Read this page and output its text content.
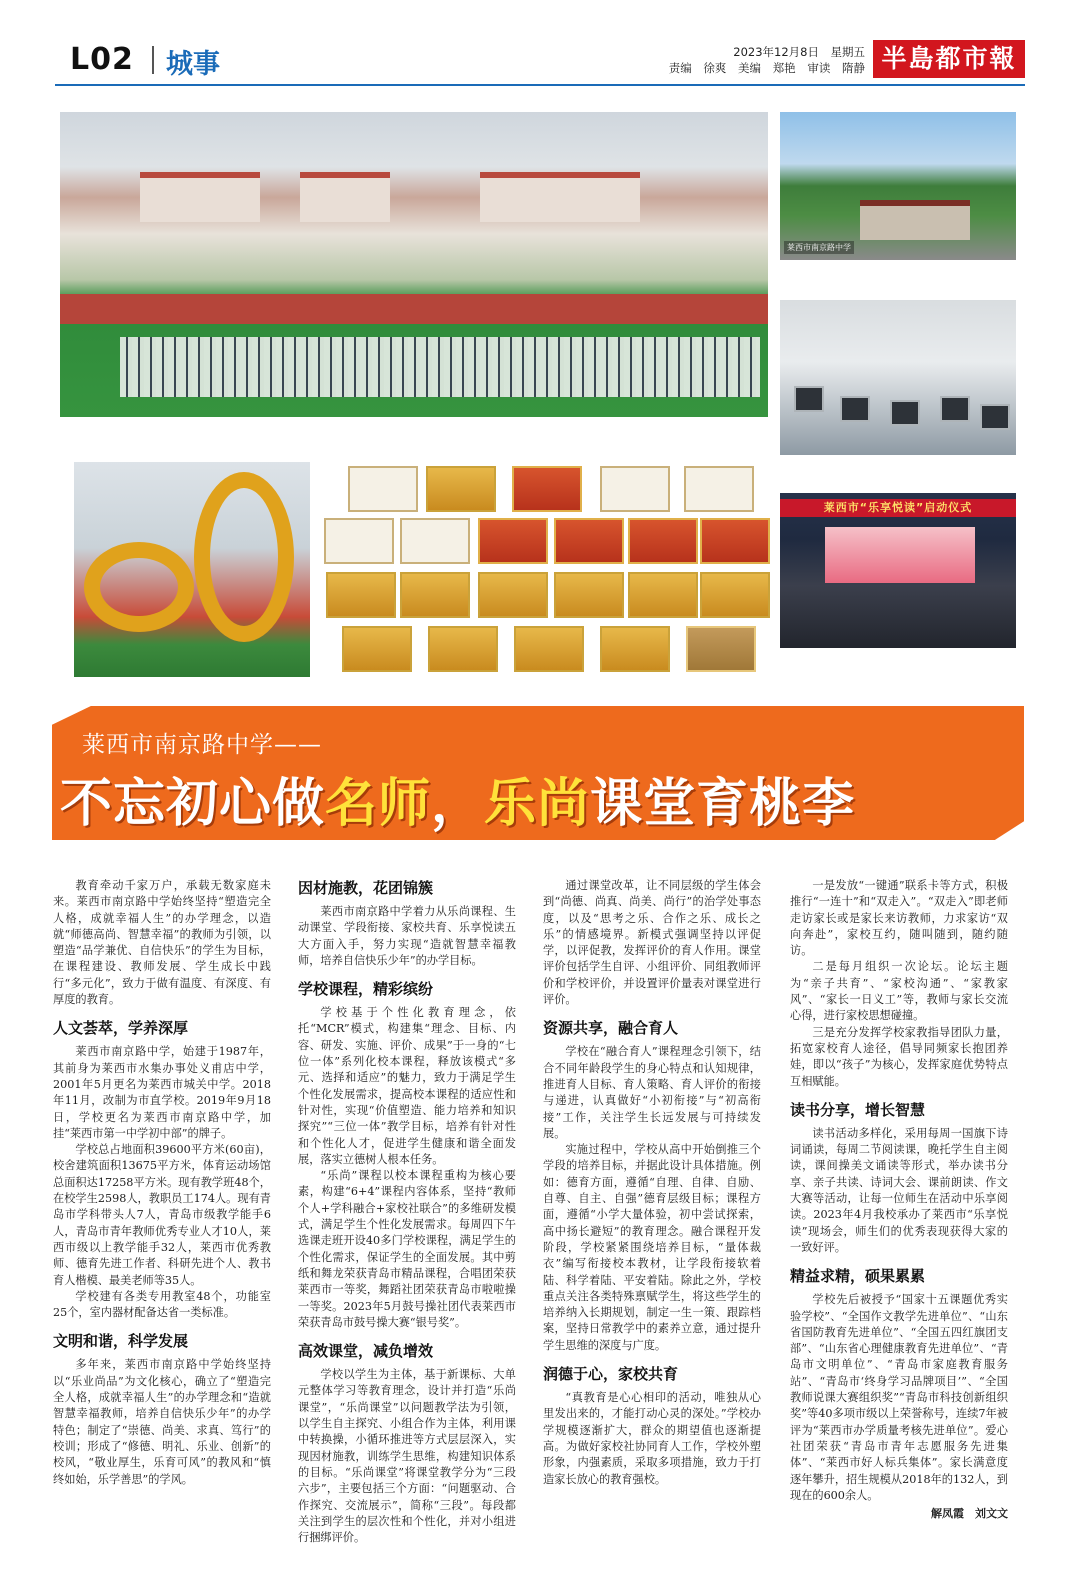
L02 城事	2023年12月8日　 星期五
责编 徐爽 美编 郑艳 审读 隋静 半島都市報
莱西市南京路中学
莱西市“乐享悦读”启动仪式
莱西市南京路中学——
不忘初心做名师，乐尚课堂育桃李

教育牵动千家万户，承载无数家庭未来。莱西市南京路中学始终坚持“塑造完全人格，成就幸福人生”的办学理念，以造就“师德高尚、智慧幸福”的教师为引领，以塑造“品学兼优、自信快乐”的学生为目标，在课程建设、教师发展、学生成长中践行“多元化”，致力于做有温度、有深度、有厚度的教育。

人文荟萃，学养深厚

莱西市南京路中学，始建于1987年，其前身为莱西市水集办事处义甫店中学，2001年5月更名为莱西市城关中学。2018年11月，改制为市直学校。2019年9月18日，学校更名为莱西市南京路中学，加挂“莱西市第一中学初中部”的牌子。

学校总占地面积39600平方米(60亩)，校舍建筑面积13675平方米，体育运动场馆总面积达17258平方米。现有教学班48个，在校学生2598人，教职员工174人。现有青岛市学科带头人7人，青岛市级教学能手6人，青岛市青年教师优秀专业人才10人，莱西市级以上教学能手32人，莱西市优秀教师、德育先进工作者、科研先进个人、教书育人楷模、最美老师等35人。

学校建有各类专用教室48个，功能室25个，室内器材配备达省一类标准。

文明和谐，科学发展

多年来，莱西市南京路中学始终坚持以“乐业尚品”为文化核心，确立了“塑造完全人格，成就幸福人生”的办学理念和“造就智慧幸福教师，培养自信快乐少年”的办学特色；制定了“崇德、尚美、求真、笃行”的校训；形成了“修德、明礼、乐业、创新”的校风，“敬业厚生，乐育可风”的教风和“慎终如始，乐学善思”的学风。

因材施教，花团锦簇

莱西市南京路中学着力从乐尚课程、生动课堂、学段衔接、家校共育、乐享悦读五大方面入手，努力实现“造就智慧幸福教师，培养自信快乐少年”的办学目标。

学校课程，精彩缤纷

学校基于个性化教育理念，依托“MCR”模式，构建集“理念、目标、内容、研发、实施、评价、成果”于一身的“七位一体”系列化校本课程，释放该模式“多元、选择和适应”的魅力，致力于满足学生个性化发展需求，提高校本课程的适应性和针对性，实现“价值塑造、能力培养和知识探究”“三位一体”教学目标，培养有针对性和个性化人才，促进学生健康和谐全面发展，落实立德树人根本任务。

“乐尚”课程以校本课程重构为核心要素，构建“6+4”课程内容体系，坚持“教师个人+学科融合+家校社联合”的多维研发模式，满足学生个性化发展需求。每周四下午选课走班开设40多门学校课程，满足学生的个性化需求，保证学生的全面发展。其中剪纸和舞龙荣获青岛市精品课程，合唱团荣获莱西市一等奖，舞蹈社团荣获青岛市啦啦操一等奖。2023年5月鼓号操社团代表莱西市荣获青岛市鼓号操大赛“银号奖”。

高效课堂，减负增效

学校以学生为主体，基于新课标、大单元整体学习等教育理念，设计并打造“乐尚课堂”，“乐尚课堂”以问题教学法为引领，以学生自主探究、小组合作为主体，利用课中转换操，小循环推进等方式层层深入，实现因材施教，训练学生思维，构建知识体系的目标。“乐尚课堂”将课堂教学分为“三段六步”，主要包括三个方面：“问题驱动、合作探究、交流展示”，简称“三段”。每段都关注到学生的层次性和个性化，并对小组进行捆绑评价。

通过课堂改革，让不同层级的学生体会到“尚德、尚真、尚美、尚行”的治学处事态度，以及“思考之乐、合作之乐、成长之乐”的情感境界。新模式强调坚持以评促学，以评促教，发挥评价的育人作用。课堂评价包括学生自评、小组评价、同组教师评价和学校评价，并设置评价量表对课堂进行评价。

资源共享，融合育人

学校在“融合育人”课程理念引领下，结合不同年龄段学生的身心特点和认知规律，推进育人目标、育人策略、育人评价的衔接与递进，认真做好“小初衔接”与“初高衔接”工作，关注学生长远发展与可持续发展。

实施过程中，学校从高中开始倒推三个学段的培养目标，并据此设计具体措施。例如：德育方面，遵循“自理、自律、自励、自尊、自主、自强”德育层级目标；课程方面，遵循“小学大量体验，初中尝试探索，高中扬长避短”的教育理念。融合课程开发阶段，学校紧紧围绕培养目标，“量体裁衣”编写衔接校本教材，让学段衔接软着陆、科学着陆、平安着陆。除此之外，学校重点关注各类特殊禀赋学生，将这些学生的培养纳入长期规划，制定一生一策、跟踪档案，坚持日常教学中的素养立意，通过提升学生思维的深度与广度。

润德于心，家校共育

“真教育是心心相印的活动，唯独从心里发出来的，才能打动心灵的深处。”学校办学规模逐渐扩大，群众的期望值也逐渐提高。为做好家校社协同育人工作，学校外塑形象，内强素质，采取多项措施，致力于打造家长放心的教育强校。

一是发放“一键通”联系卡等方式，积极推行“一连十”和“双走入”。“双走入”即老师走访家长或是家长来访教师，力求家访“双向奔赴”，家校互约，随叫随到，随约随访。

二是每月组织一次论坛。论坛主题为“亲子共育”、“家校沟通”、“家教家风”、“家长一日义工”等，教师与家长交流心得，进行家校思想碰撞。

三是充分发挥学校家教指导团队力量，拓宽家校育人途径，倡导同频家长抱团养娃，即以“孩子”为核心，发挥家庭优势特点互相赋能。

读书分享，增长智慧

读书活动多样化，采用每周一国旗下诗词诵读，每周二节阅读课，晚托学生自主阅读，课间操美文诵读等形式，举办读书分享、亲子共读、诗词大会、课前朗读、作文大赛等活动，让每一位师生在活动中乐享阅读。2023年4月我校承办了莱西市“乐享悦读”现场会，师生们的优秀表现获得大家的一致好评。

精益求精，硕果累累

学校先后被授予“国家十五课题优秀实验学校”、“全国作文教学先进单位”、“山东省国防教育先进单位”、“全国五四红旗团支部”、“山东省心理健康教育先进单位”、“青岛市文明单位”、“青岛市家庭教育服务站”、“青岛市‘终身学习品牌项目’”、“全国教师说课大赛组织奖”“青岛市科技创新组织奖”等40多项市级以上荣誉称号，连续7年被评为“莱西市办学质量考核先进单位”。爱心社团荣获“青岛市青年志愿服务先进集体”、“莱西市好人标兵集体”。家长满意度逐年攀升，招生规模从2018年的132人，到现在的600余人。

解凤霞　刘文文
